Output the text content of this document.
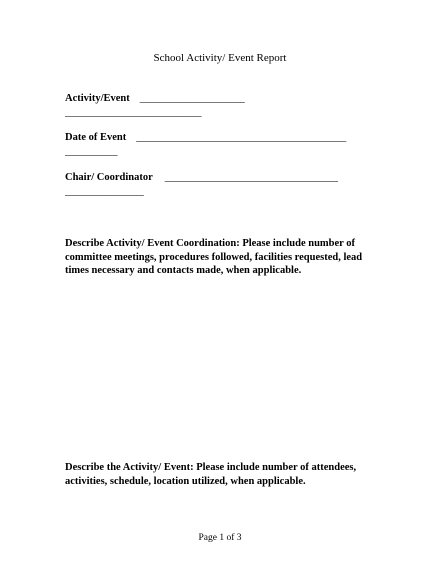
School Activity/ Event Report
Activity/Event ____________________
__________________________
Date of Event ________________________________________
__________
Chair/ Coordinator _________________________________
_______________
Describe Activity/ Event Coordination: Please include number of committee meetings, procedures followed, facilities requested, lead times necessary and contacts made, when applicable.
Describe the Activity/ Event: Please include number of attendees, activities, schedule, location utilized, when applicable.
Page 1 of 3
